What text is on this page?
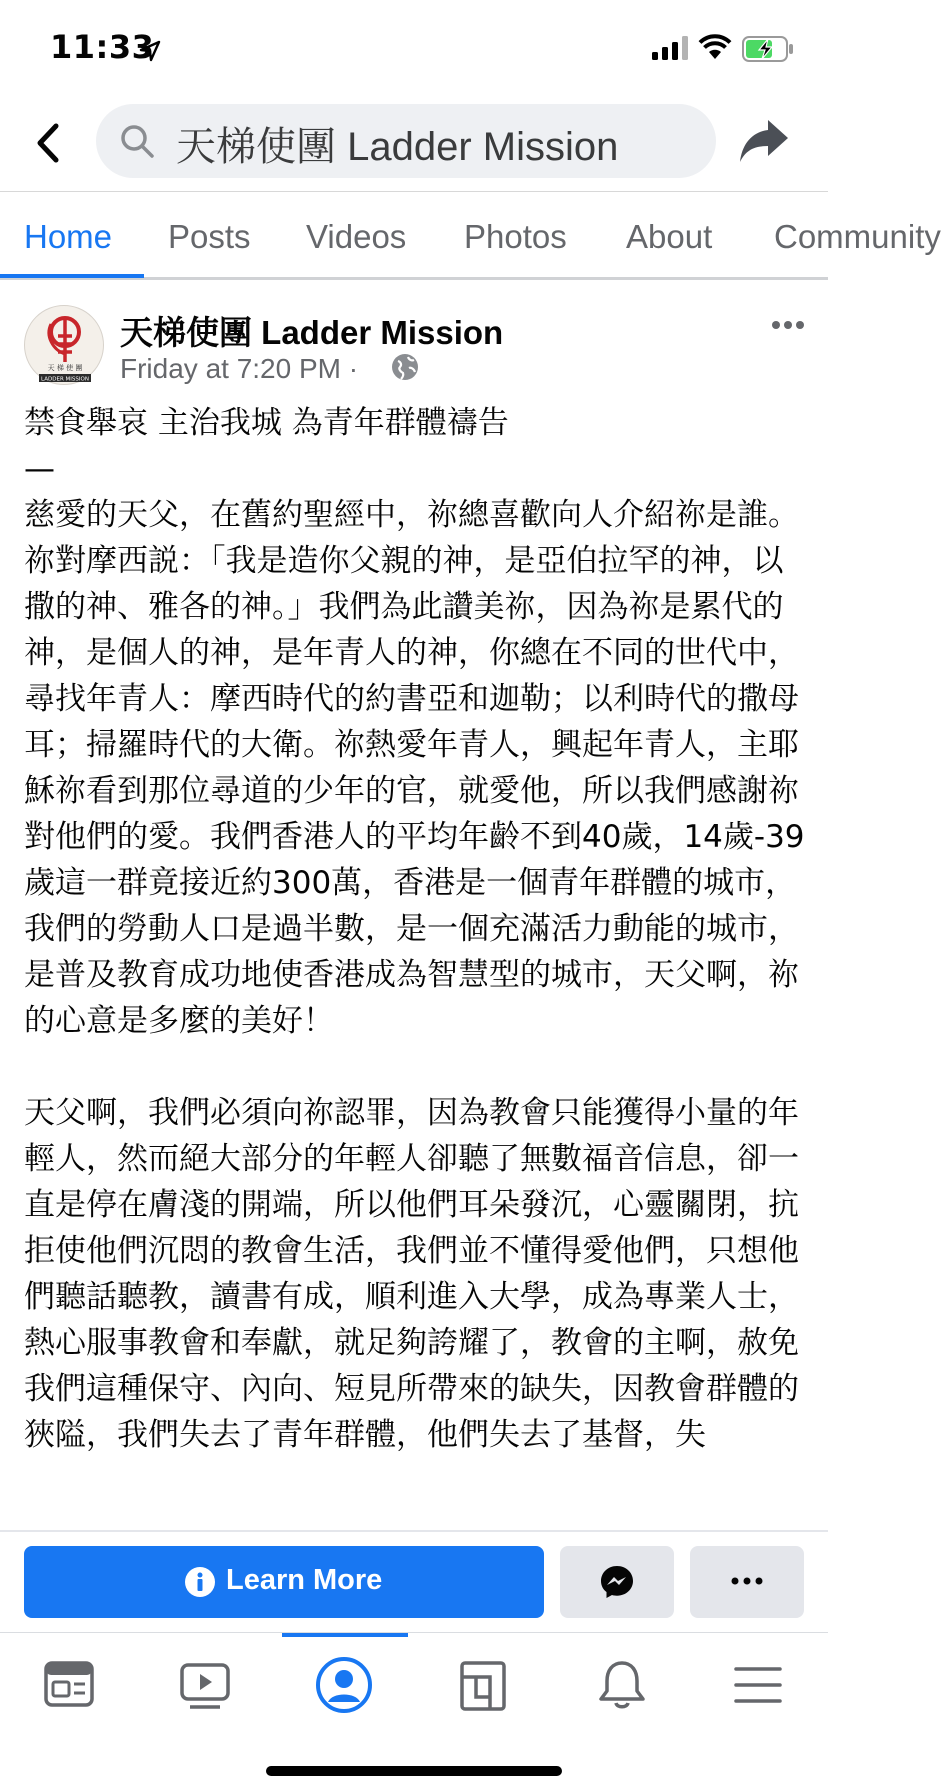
11:33
天梯使團 Ladder Mission
Home Posts Videos Photos About Community
天 梯 使 團
LADDER MISSION
天梯使團 Ladder Mission
Friday at 7:20 PM ·

禁食舉哀 主治我城 為青年群體禱告
—

慈愛的天父，在舊約聖經中，祢總喜歡向人介紹祢是誰。祢對摩西説：「我是造你父親的神，是亞伯拉罕的神，以撒的神、雅各的神。」我們為此讚美祢，因為祢是累代的神，是個人的神，是年青人的神，你總在不同的世代中，尋找年青人：摩西時代的約書亞和迦勒；以利時代的撒母耳；掃羅時代的大衛。祢熱愛年青人，興起年青人，主耶穌祢看到那位尋道的少年的官，就愛他，所以我們感謝祢對他們的愛。我們香港人的平均年齡不到40歲，14歲-39歲這一群竟接近約300萬，香港是一個青年群體的城市，我們的勞動人口是過半數，是一個充滿活力動能的城市，是普及教育成功地使香港成為智慧型的城市，天父啊，祢的心意是多麼的美好！

天父啊，我們必須向祢認罪，因為教會只能獲得小量的年輕人，然而絕大部分的年輕人卻聽了無數福音信息，卻一直是停在膚淺的開端，所以他們耳朵發沉，心靈關閉，抗拒使他們沉悶的教會生活，我們並不懂得愛他們，只想他們聽話聽教，讀書有成，順利進入大學，成為專業人士，熱心服事教會和奉獻，就足夠誇耀了，教會的主啊，赦免我們這種保守、內向、短見所帶來的缺失，因教會群體的狹隘，我們失去了青年群體，他們失去了基督，失

Learn More
